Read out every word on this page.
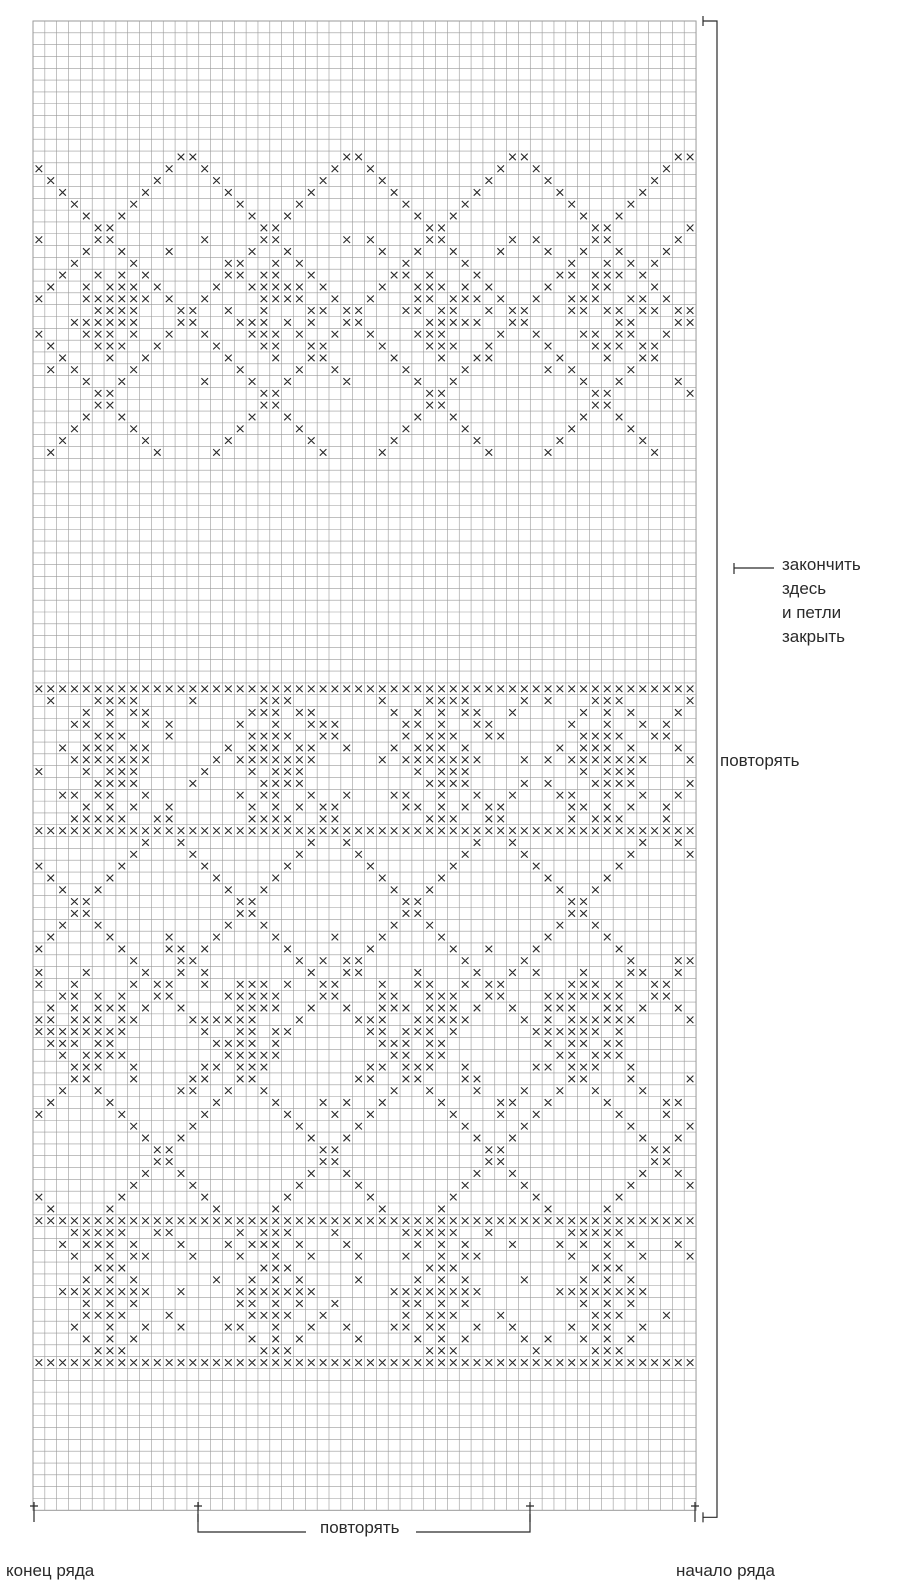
закончить
здесь
и петли
закрыть
повторять
повторять
конец ряда	начало ряда
